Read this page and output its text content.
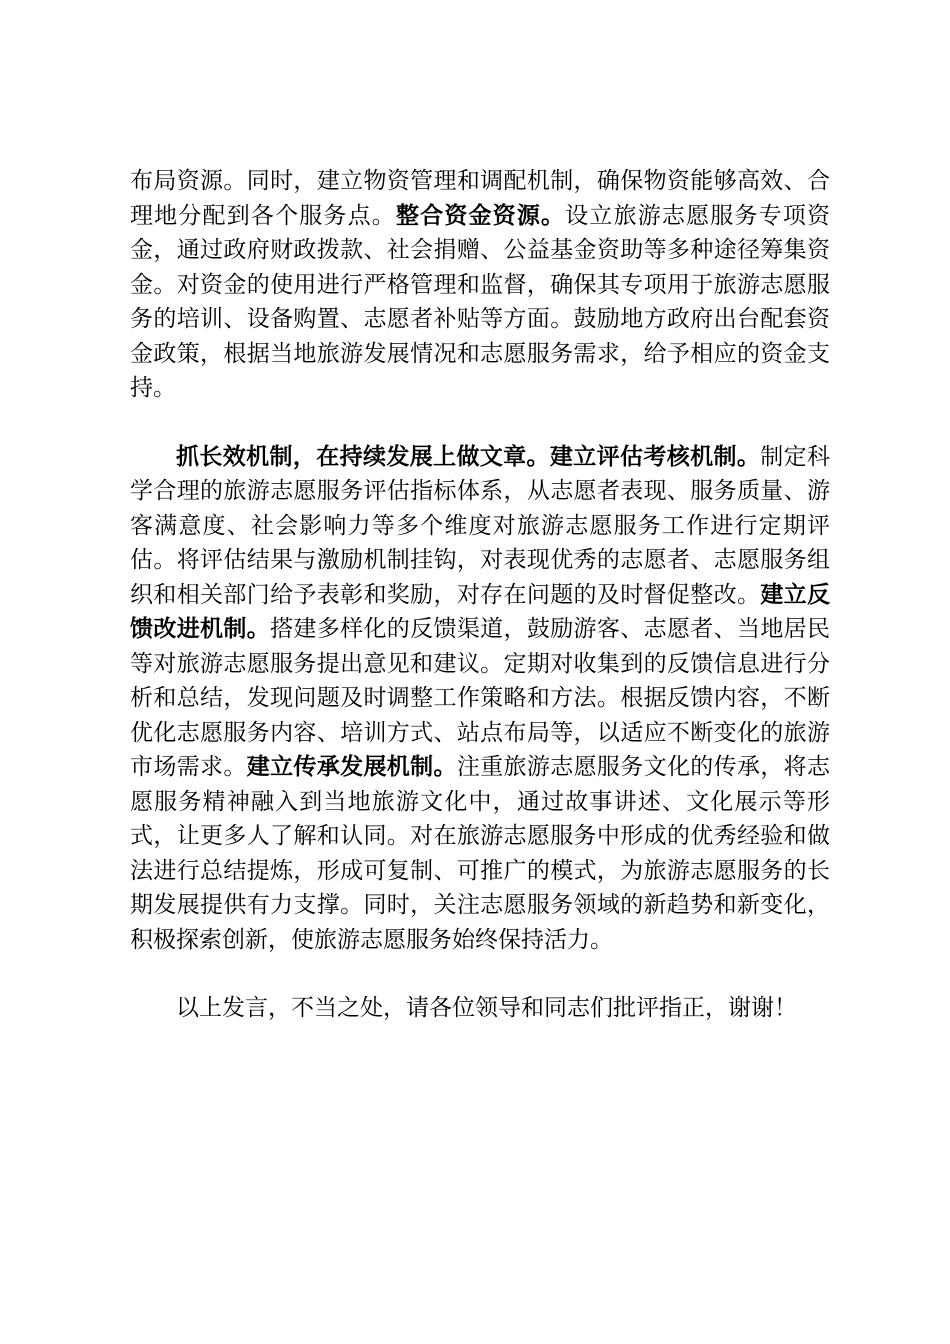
布局资源。同时，建立物资管理和调配机制，确保物资能够高效、合理地分配到各个服务点。整合资金资源。设立旅游志愿服务专项资金，通过政府财政拨款、社会捐赠、公益基金资助等多种途径筹集资金。对资金的使用进行严格管理和监督，确保其专项用于旅游志愿服务的培训、设备购置、志愿者补贴等方面。鼓励地方政府出台配套资金政策，根据当地旅游发展情况和志愿服务需求，给予相应的资金支持。

抓长效机制，在持续发展上做文章。建立评估考核机制。制定科学合理的旅游志愿服务评估指标体系，从志愿者表现、服务质量、游客满意度、社会影响力等多个维度对旅游志愿服务工作进行定期评估。将评估结果与激励机制挂钩，对表现优秀的志愿者、志愿服务组织和相关部门给予表彰和奖励，对存在问题的及时督促整改。建立反馈改进机制。搭建多样化的反馈渠道，鼓励游客、志愿者、当地居民等对旅游志愿服务提出意见和建议。定期对收集到的反馈信息进行分析和总结，发现问题及时调整工作策略和方法。根据反馈内容，不断优化志愿服务内容、培训方式、站点布局等，以适应不断变化的旅游市场需求。建立传承发展机制。注重旅游志愿服务文化的传承，将志愿服务精神融入到当地旅游文化中，通过故事讲述、文化展示等形式，让更多人了解和认同。对在旅游志愿服务中形成的优秀经验和做法进行总结提炼，形成可复制、可推广的模式，为旅游志愿服务的长期发展提供有力支撑。同时，关注志愿服务领域的新趋势和新变化，积极探索创新，使旅游志愿服务始终保持活力。

以上发言，不当之处，请各位领导和同志们批评指正，谢谢！
